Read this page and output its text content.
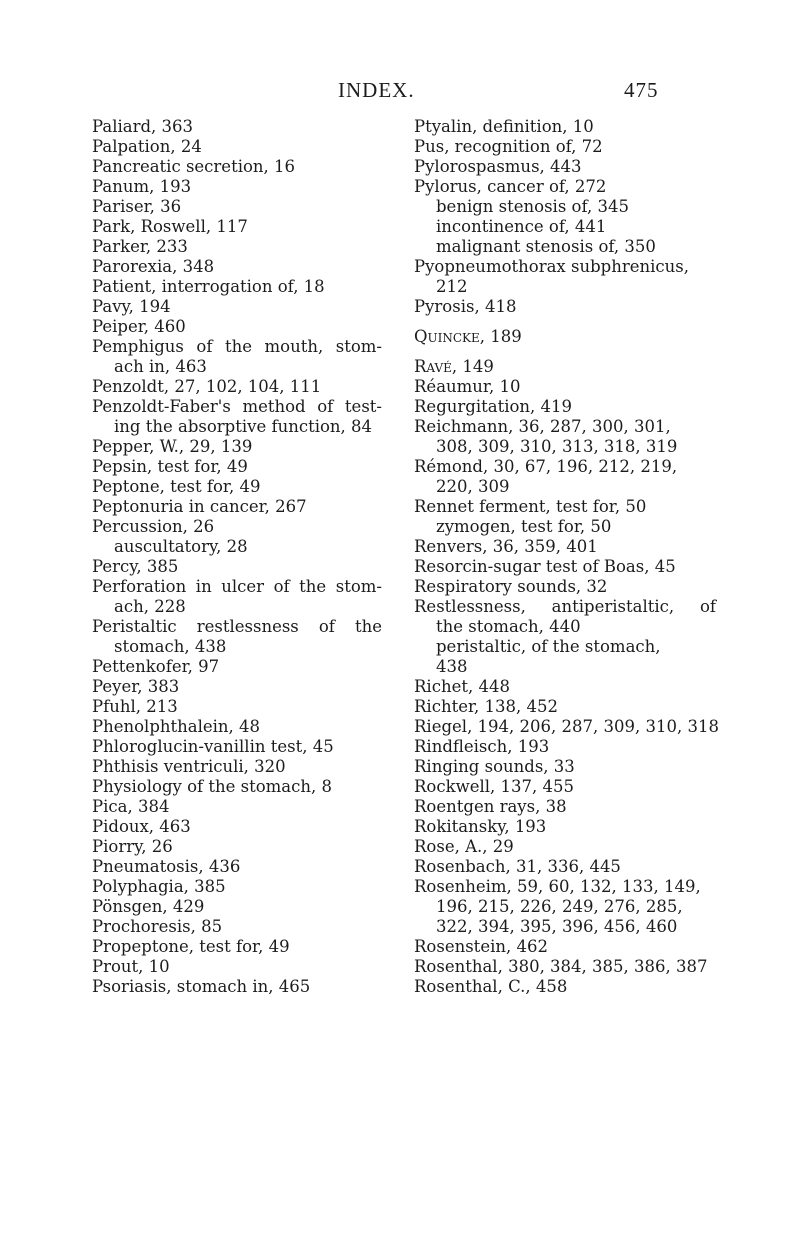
INDEX.	475
Paliard, 363
Palpation, 24
Pancreatic secretion, 16
Panum, 193
Pariser, 36
Park, Roswell, 117
Parker, 233
Parorexia, 348
Patient, interrogation of, 18
Pavy, 194
Peiper, 460
Pemphigus of the mouth, stom-
ach in, 463
Penzoldt, 27, 102, 104, 111
Penzoldt-Faber's method of test-
ing the absorptive function, 84
Pepper, W., 29, 139
Pepsin, test for, 49
Peptone, test for, 49
Peptonuria in cancer, 267
Percussion, 26
auscultatory, 28
Percy, 385
Perforation in ulcer of the stom-
ach, 228
Peristaltic restlessness of the
stomach, 438
Pettenkofer, 97
Peyer, 383
Pfuhl, 213
Phenolphthalein, 48
Phloroglucin-vanillin test, 45
Phthisis ventriculi, 320
Physiology of the stomach, 8
Pica, 384
Pidoux, 463
Piorry, 26
Pneumatosis, 436
Polyphagia, 385
Pönsgen, 429
Prochoresis, 85
Propeptone, test for, 49
Prout, 10
Psoriasis, stomach in, 465
Ptyalin, definition, 10
Pus, recognition of, 72
Pylorospasmus, 443
Pylorus, cancer of, 272
benign stenosis of, 345
incontinence of, 441
malignant stenosis of, 350
Pyopneumothorax subphrenicus,
212
Pyrosis, 418
Quincke, 189
Ravé, 149
Réaumur, 10
Regurgitation, 419
Reichmann, 36, 287, 300, 301,
308, 309, 310, 313, 318, 319
Rémond, 30, 67, 196, 212, 219,
220, 309
Rennet ferment, test for, 50
zymogen, test for, 50
Renvers, 36, 359, 401
Resorcin-sugar test of Boas, 45
Respiratory sounds, 32
Restlessness, antiperistaltic, of
the stomach, 440
peristaltic, of the stomach,
438
Richet, 448
Richter, 138, 452
Riegel, 194, 206, 287, 309, 310, 318
Rindfleisch, 193
Ringing sounds, 33
Rockwell, 137, 455
Roentgen rays, 38
Rokitansky, 193
Rose, A., 29
Rosenbach, 31, 336, 445
Rosenheim, 59, 60, 132, 133, 149,
196, 215, 226, 249, 276, 285,
322, 394, 395, 396, 456, 460
Rosenstein, 462
Rosenthal, 380, 384, 385, 386, 387
Rosenthal, C., 458
